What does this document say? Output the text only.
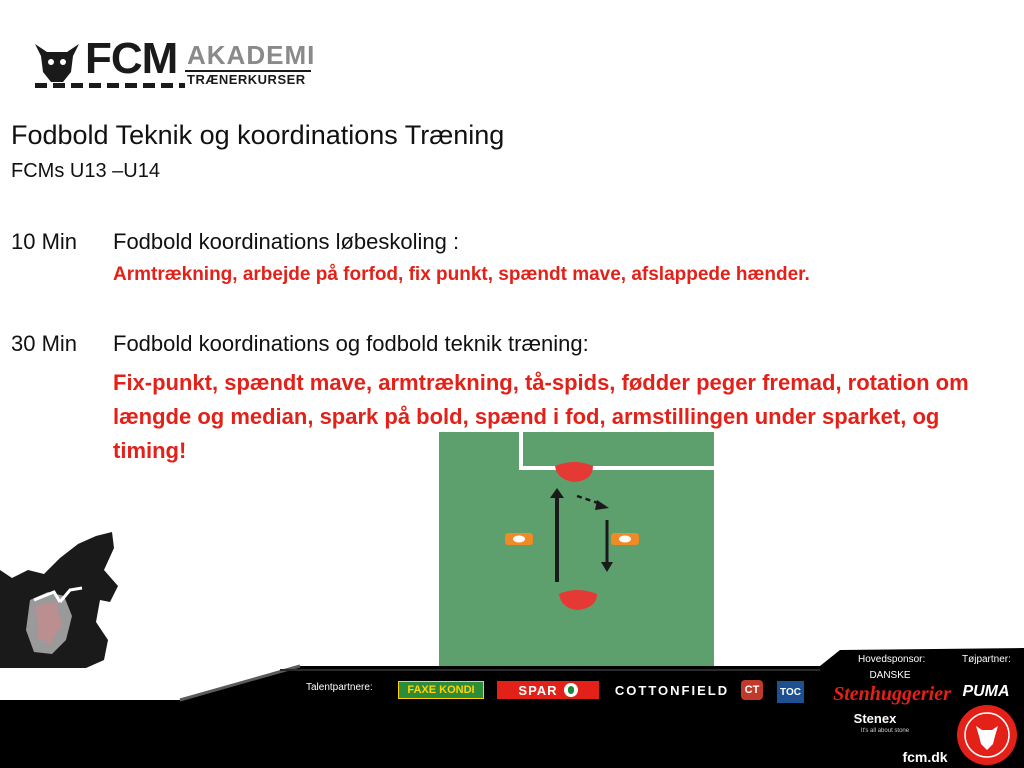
FCM AKADEMI
TRÆNERKURSER
Fodbold Teknik og koordinations Træning
FCMs U13 –U14
10 Min Fodbold koordinations løbeskoling :
Armtrækning, arbejde på forfod, fix punkt, spændt mave, afslappede hænder.
30 Min Fodbold koordinations og fodbold teknik træning:
Fix-punkt, spændt mave, armtrækning, tå-spids, fødder peger fremad, rotation om længde og median, spark på bold, spænd i fod, armstillingen under sparket, og timing!
Talentpartnere:
Hovedsponsor:	Tøjpartner:
FAXE KONDI	SPAR	COTTONFIELD	CT	TOC
DANSKE
Stenhuggerier
Stenex
It's all about stone
PUMA
fcm.dk
